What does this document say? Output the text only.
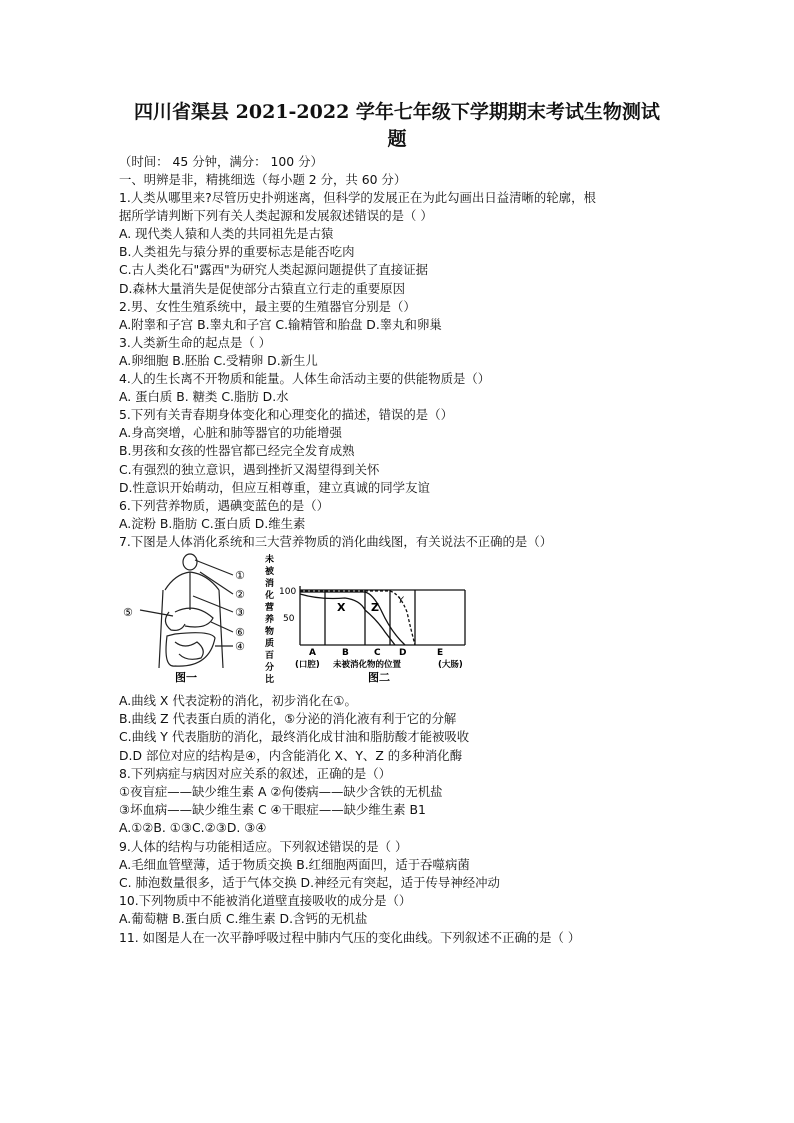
四川省渠县 2021-2022 学年七年级下学期期末考试生物测试
题
（时间： 45 分钟，满分： 100 分）
一、明辨是非，精挑细选（每小题 2 分，共 60 分）
1.人类从哪里来?尽管历史扑朔迷离，但科学的发展正在为此勾画出日益清晰的轮廓，根
据所学请判断下列有关人类起源和发展叙述错误的是（ ）
A. 现代类人猿和人类的共同祖先是古猿
B.人类祖先与猿分界的重要标志是能否吃肉
C.古人类化石"露西"为研究人类起源问题提供了直接证据
D.森林大量消失是促使部分古猿直立行走的重要原因
2.男、女性生殖系统中，最主要的生殖器官分别是（）
A.附睾和子宫 B.睾丸和子宫 C.输精管和胎盘 D.睾丸和卵巢
3.人类新生命的起点是（ ）
A.卵细胞 B.胚胎 C.受精卵 D.新生儿
4.人的生长离不开物质和能量。人体生命活动主要的供能物质是（）
A. 蛋白质 B. 糖类 C.脂肪 D.水
5.下列有关青春期身体变化和心理变化的描述，错误的是（）
A.身高突增，心脏和肺等器官的功能增强
B.男孩和女孩的性器官都已经完全发育成熟
C.有强烈的独立意识，遇到挫折又渴望得到关怀
D.性意识开始萌动，但应互相尊重，建立真诚的同学友谊
6.下列营养物质，遇碘变蓝色的是（）
A.淀粉 B.脂肪 C.蛋白质 D.维生素
7.下图是人体消化系统和三大营养物质的消化曲线图，有关说法不正确的是（）
①
②
③
⑥
④
⑤
图一
未
被
消
化
营
养
物
质
百
分
比
100
50
X Z Y
A	B	C D	E
(口腔) 未被消化物的位置	(大肠)
图二
A.曲线 X 代表淀粉的消化，初步消化在①。
B.曲线 Z 代表蛋白质的消化，⑤分泌的消化液有利于它的分解
C.曲线 Y 代表脂肪的消化，最终消化成甘油和脂肪酸才能被吸收
D.D 部位对应的结构是④，内含能消化 X、Y、Z 的多种消化酶
8.下列病症与病因对应关系的叙述，正确的是（）
①夜盲症——缺少维生素 A ②佝偻病——缺少含铁的无机盐
③坏血病——缺少维生素 C ④干眼症——缺少维生素 B1
A.①②B. ①③C.②③D. ③④
9.人体的结构与功能相适应。下列叙述错误的是（ ）
A.毛细血管壁薄，适于物质交换 B.红细胞两面凹，适于吞噬病菌
C. 肺泡数量很多，适于气体交换 D.神经元有突起，适于传导神经冲动
10.下列物质中不能被消化道壁直接吸收的成分是（）
A.葡萄糖 B.蛋白质 C.维生素 D.含钙的无机盐
11. 如图是人在一次平静呼吸过程中肺内气压的变化曲线。下列叙述不正确的是（ ）
